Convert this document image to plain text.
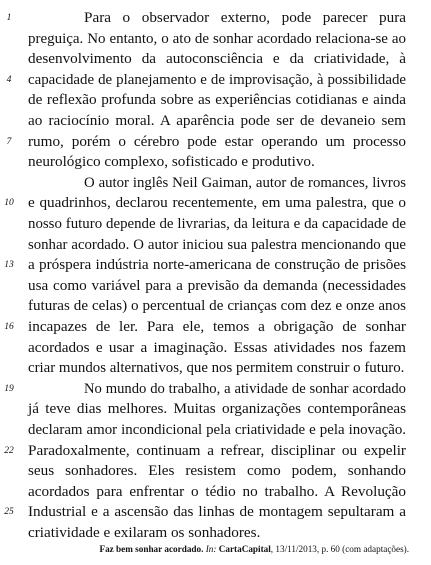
Para o observador externo, pode parecer pura
preguiça. No entanto, o ato de sonhar acordado relaciona-se ao
desenvolvimento da autoconsciência e da criatividade, à
capacidade de planejamento e de improvisação, à possibilidade
de reflexão profunda sobre as experiências cotidianas e ainda
ao raciocínio moral. A aparência pode ser de devaneio sem
rumo, porém o cérebro pode estar operando um processo
neurológico complexo, sofisticado e produtivo.
O autor inglês Neil Gaiman, autor de romances, livros
e quadrinhos, declarou recentemente, em uma palestra, que o
nosso futuro depende de livrarias, da leitura e da capacidade de
sonhar acordado. O autor iniciou sua palestra mencionando que
a próspera indústria norte-americana de construção de prisões
usa como variável para a previsão da demanda (necessidades
futuras de celas) o percentual de crianças com dez e onze anos
incapazes de ler. Para ele, temos a obrigação de sonhar
acordados e usar a imaginação. Essas atividades nos fazem
criar mundos alternativos, que nos permitem construir o futuro.
No mundo do trabalho, a atividade de sonhar acordado
já teve dias melhores. Muitas organizações contemporâneas
declaram amor incondicional pela criatividade e pela inovação.
Paradoxalmente, continuam a refrear, disciplinar ou expelir
seus sonhadores. Eles resistem como podem, sonhando
acordados para enfrentar o tédio no trabalho. A Revolução
Industrial e a ascensão das linhas de montagem sepultaram a
criatividade e exilaram os sonhadores.
1
4
7
10
13
16
19
22
25
Faz bem sonhar acordado. In: CartaCapital, 13/11/2013, p. 60 (com adaptações).
